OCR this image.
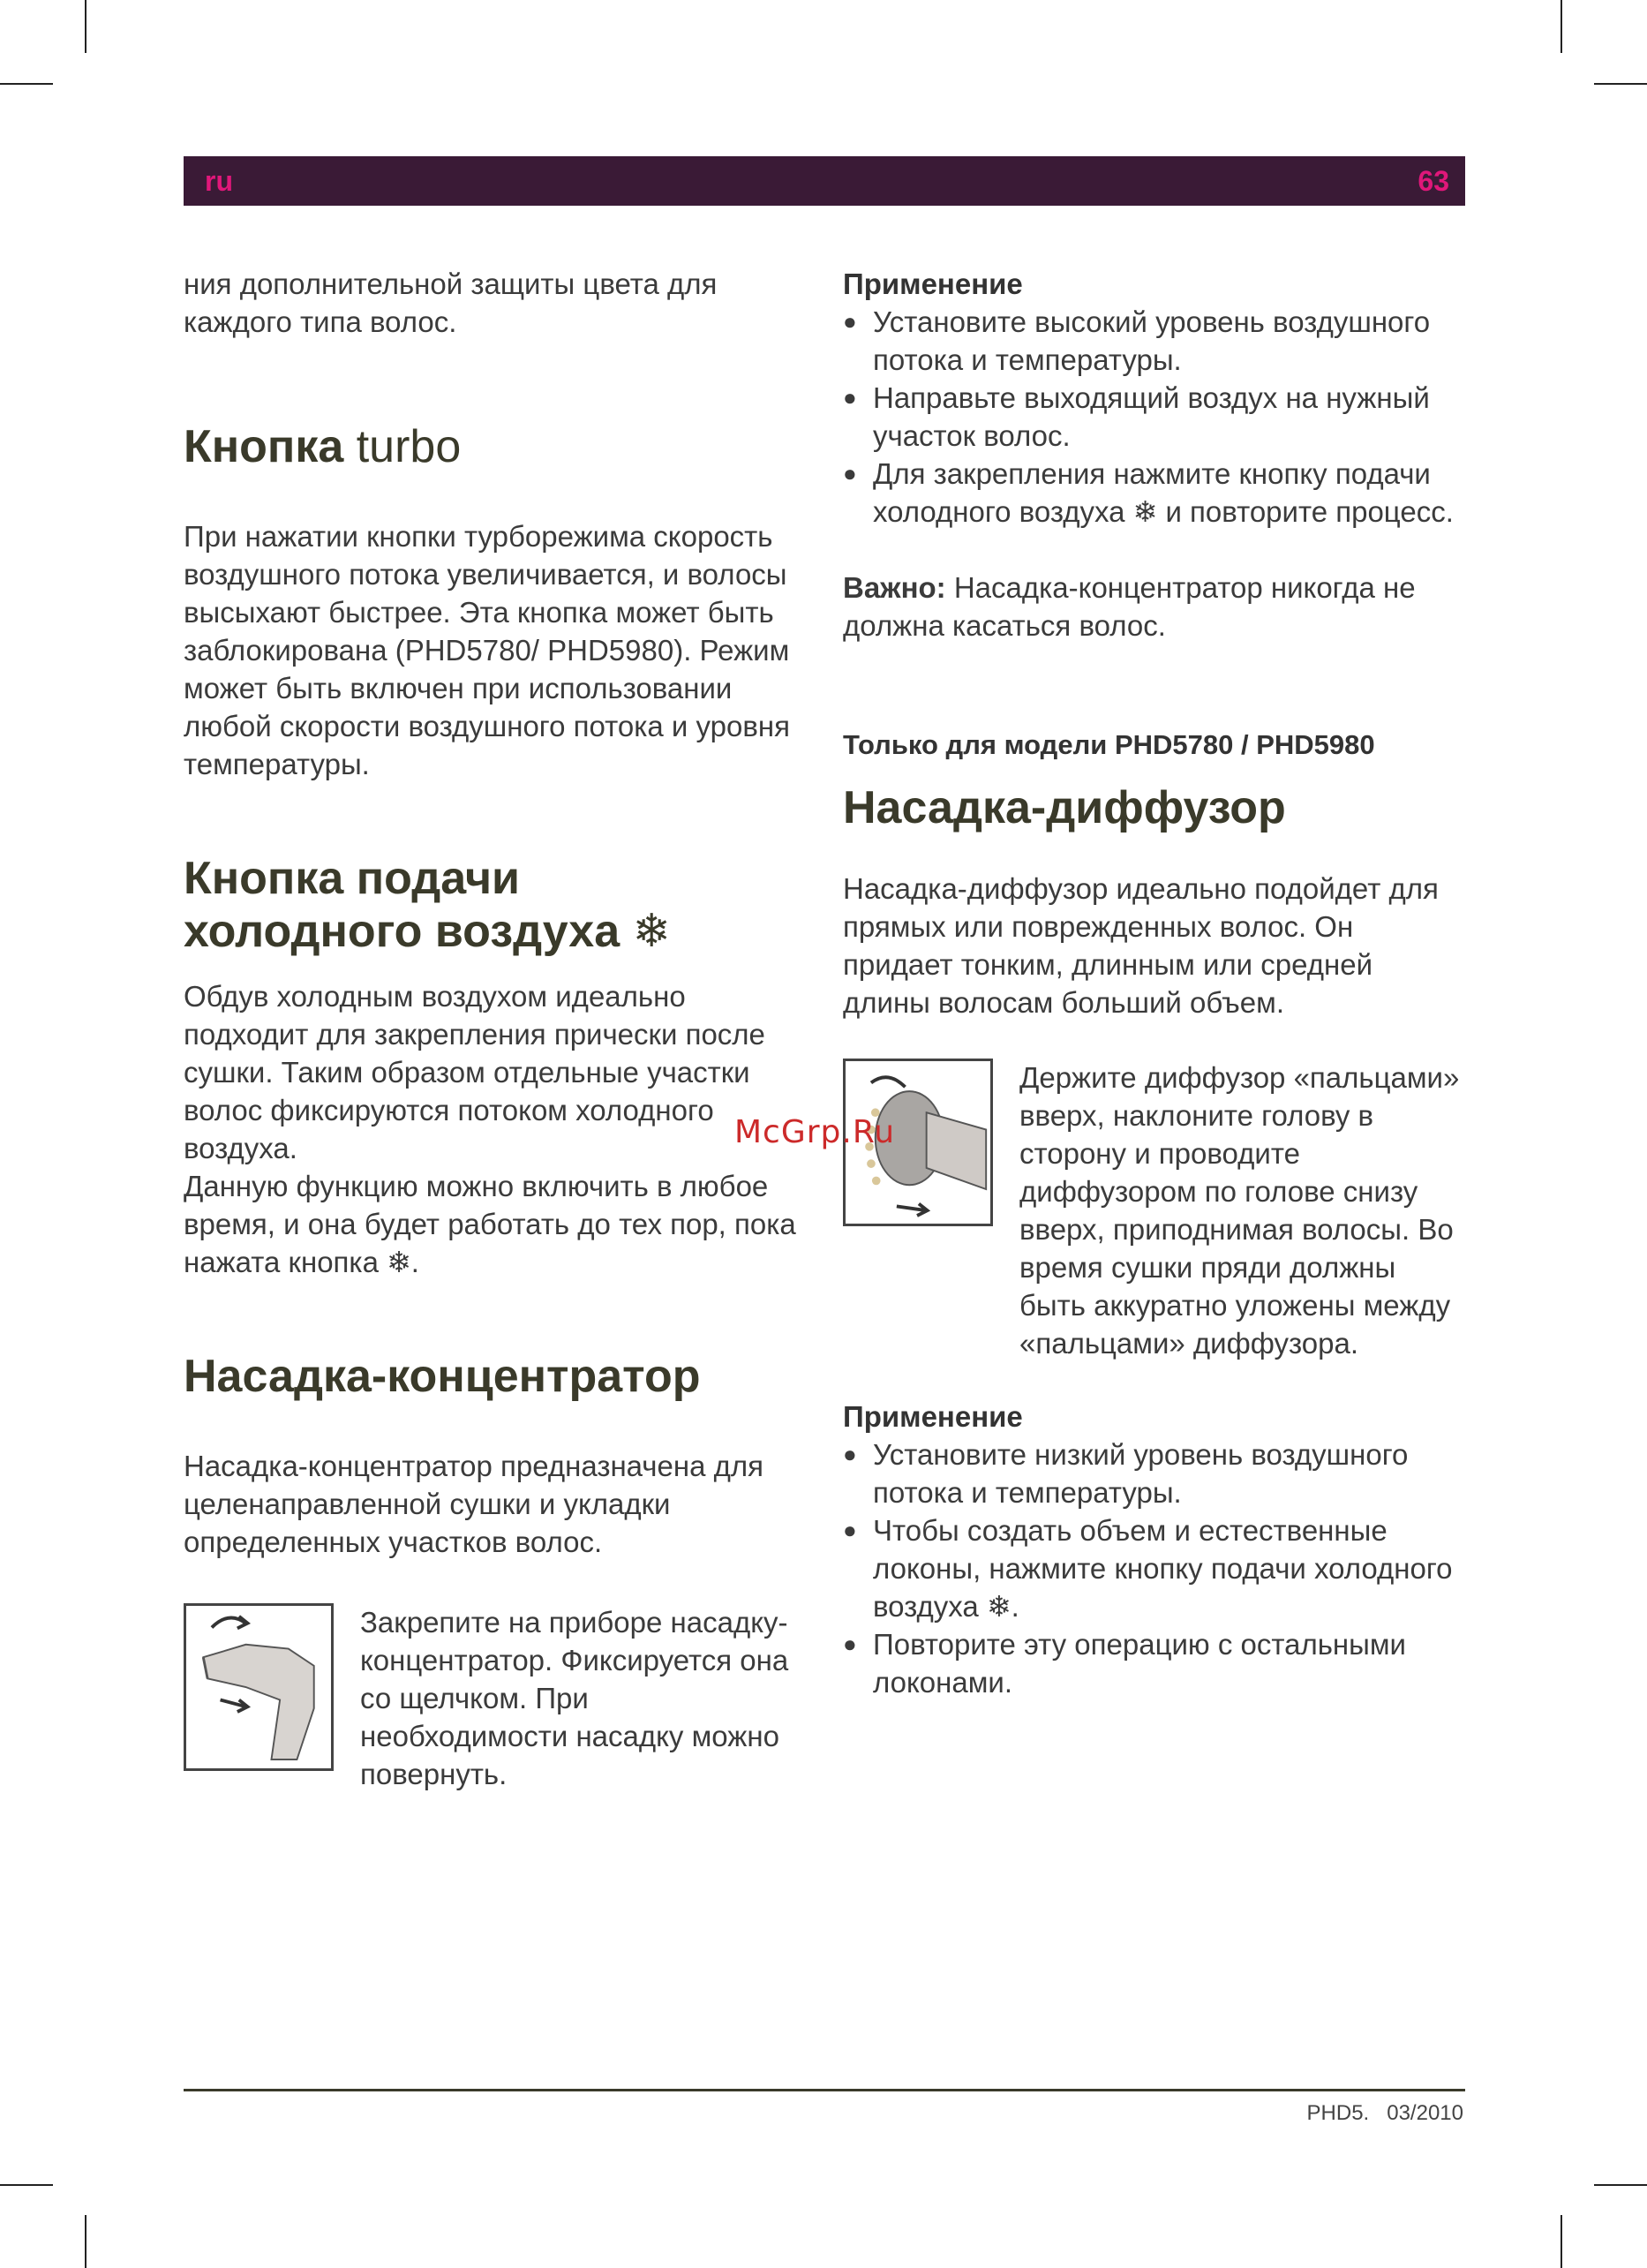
ru	63

ния дополнительной защиты цвета для каждого типа волос.

Кнопка turbo

При нажатии кнопки турборежима скорость воздушного потока увеличивается, и волосы высыхают быстрее. Эта кнопка может быть заблокирована (PHD5780/ PHD5980). Режим может быть включен при использовании любой скорости воздушного потока и уровня температуры.

Кнопка подачи
холодного воздуха ❄

Обдув холодным воздухом идеально подходит для закрепления прически после сушки. Таким образом отдельные участки волос фиксируются потоком холодного воздуха.

Данную функцию можно включить в любое время, и она будет работать до тех пор, пока нажата кнопка ❄.

Насадка-концентратор

Насадка-концентратор предназначена для целенаправленной сушки и укладки определенных участков волос.

Закрепите на приборе насадку-концентратор. Фиксируется она со щелчком. При необходимости насадку можно повернуть.

Применение

● Установите высокий уровень воздушного потока и температуры.
● Направьте выходящий воздух на нужный участок волос.
● Для закрепления нажмите кнопку подачи холодного воздуха ❄ и повторите процесс.

Важно: Насадка-концентратор никогда не должна касаться волос.

Только для модели PHD5780 / PHD5980

Насадка-диффузор

Насадка-диффузор идеально подойдет для прямых или поврежденных волос. Он придает тонким, длинным или средней длины волосам больший объем.

Держите диффузор «пальцами» вверх, наклоните голову в сторону и проводите диффузором по голове снизу вверх, приподнимая волосы. Во время сушки пряди должны быть аккуратно уложены между «пальцами» диффузора.

Применение

● Установите низкий уровень воздушного потока и температуры.
● Чтобы создать объем и естественные локоны, нажмите кнопку подачи холодного воздуха ❄.
● Повторите эту операцию с остальными локонами.
McGrp.Ru
PHD5. 03/2010
